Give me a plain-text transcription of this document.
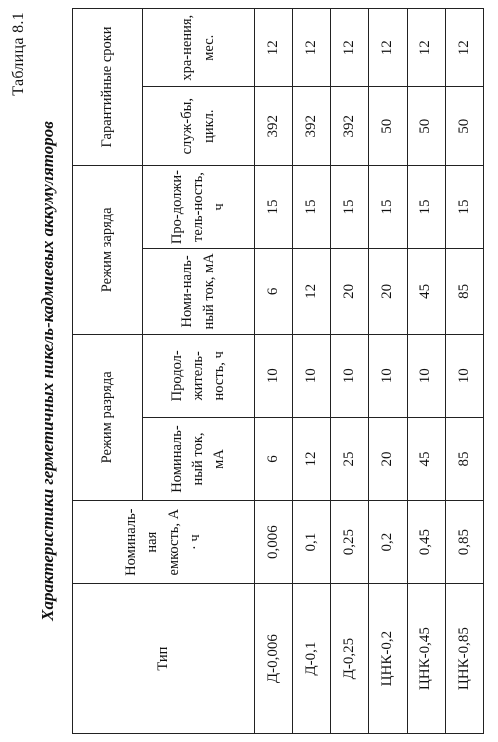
Таблица 8.1
Характеристики герметичных никель-кадмиевых аккумуляторов
Тип	Номиналь-ная емкость, А · ч	Режим разряда		Режим заряда		Гарантийные сроки	
		Номиналь-ный ток, мА	Продол-житель-ность, ч	Номи-наль-ный ток, мА	Про-должи-тель-ность, ч	служ-бы, цикл.	хра-нения, мес.
Д-0,006	0,006	6	10	6	15	392	12
Д-0,1	0,1	12	10	12	15	392	12
Д-0,25	0,25	25	10	20	15	392	12
ЦНК-0,2	0,2	20	10	20	15	50	12
ЦНК-0,45	0,45	45	10	45	15	50	12
ЦНК-0,85	0,85	85	10	85	15	50	12
